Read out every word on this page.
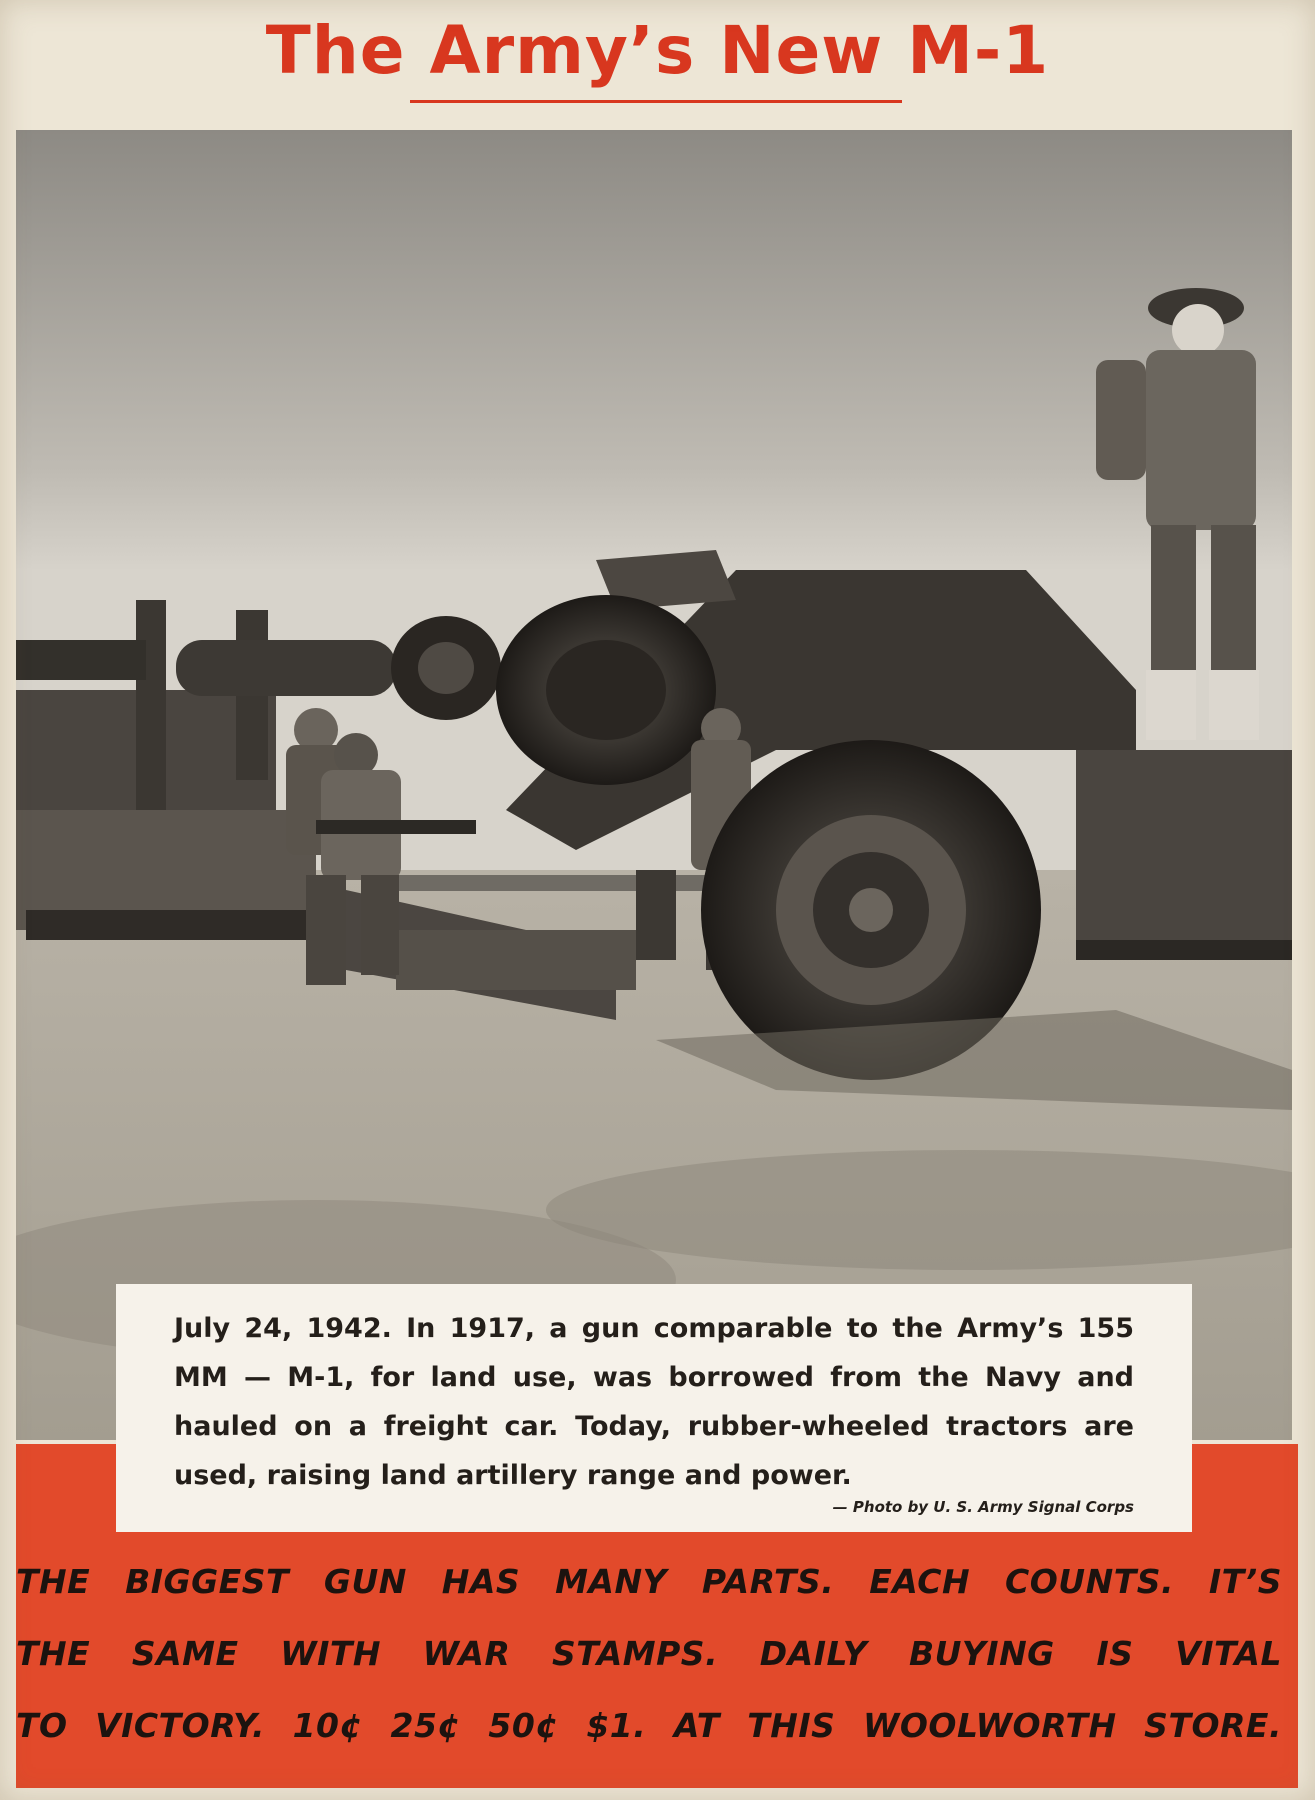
The Army’s New M-1

July 24, 1942. In 1917, a gun comparable to the Army’s 155 MM — M-1, for land use, was borrowed from the Navy and hauled on a freight car. Today, rubber-wheeled tractors are used, raising land artillery range and power.

— Photo by U. S. Army Signal Corps
THE BIGGEST GUN HAS MANY PARTS. EACH COUNTS. IT’S
THE SAME WITH WAR STAMPS. DAILY BUYING IS VITAL
TO VICTORY. 10¢ 25¢ 50¢ $1. AT THIS WOOLWORTH STORE.
